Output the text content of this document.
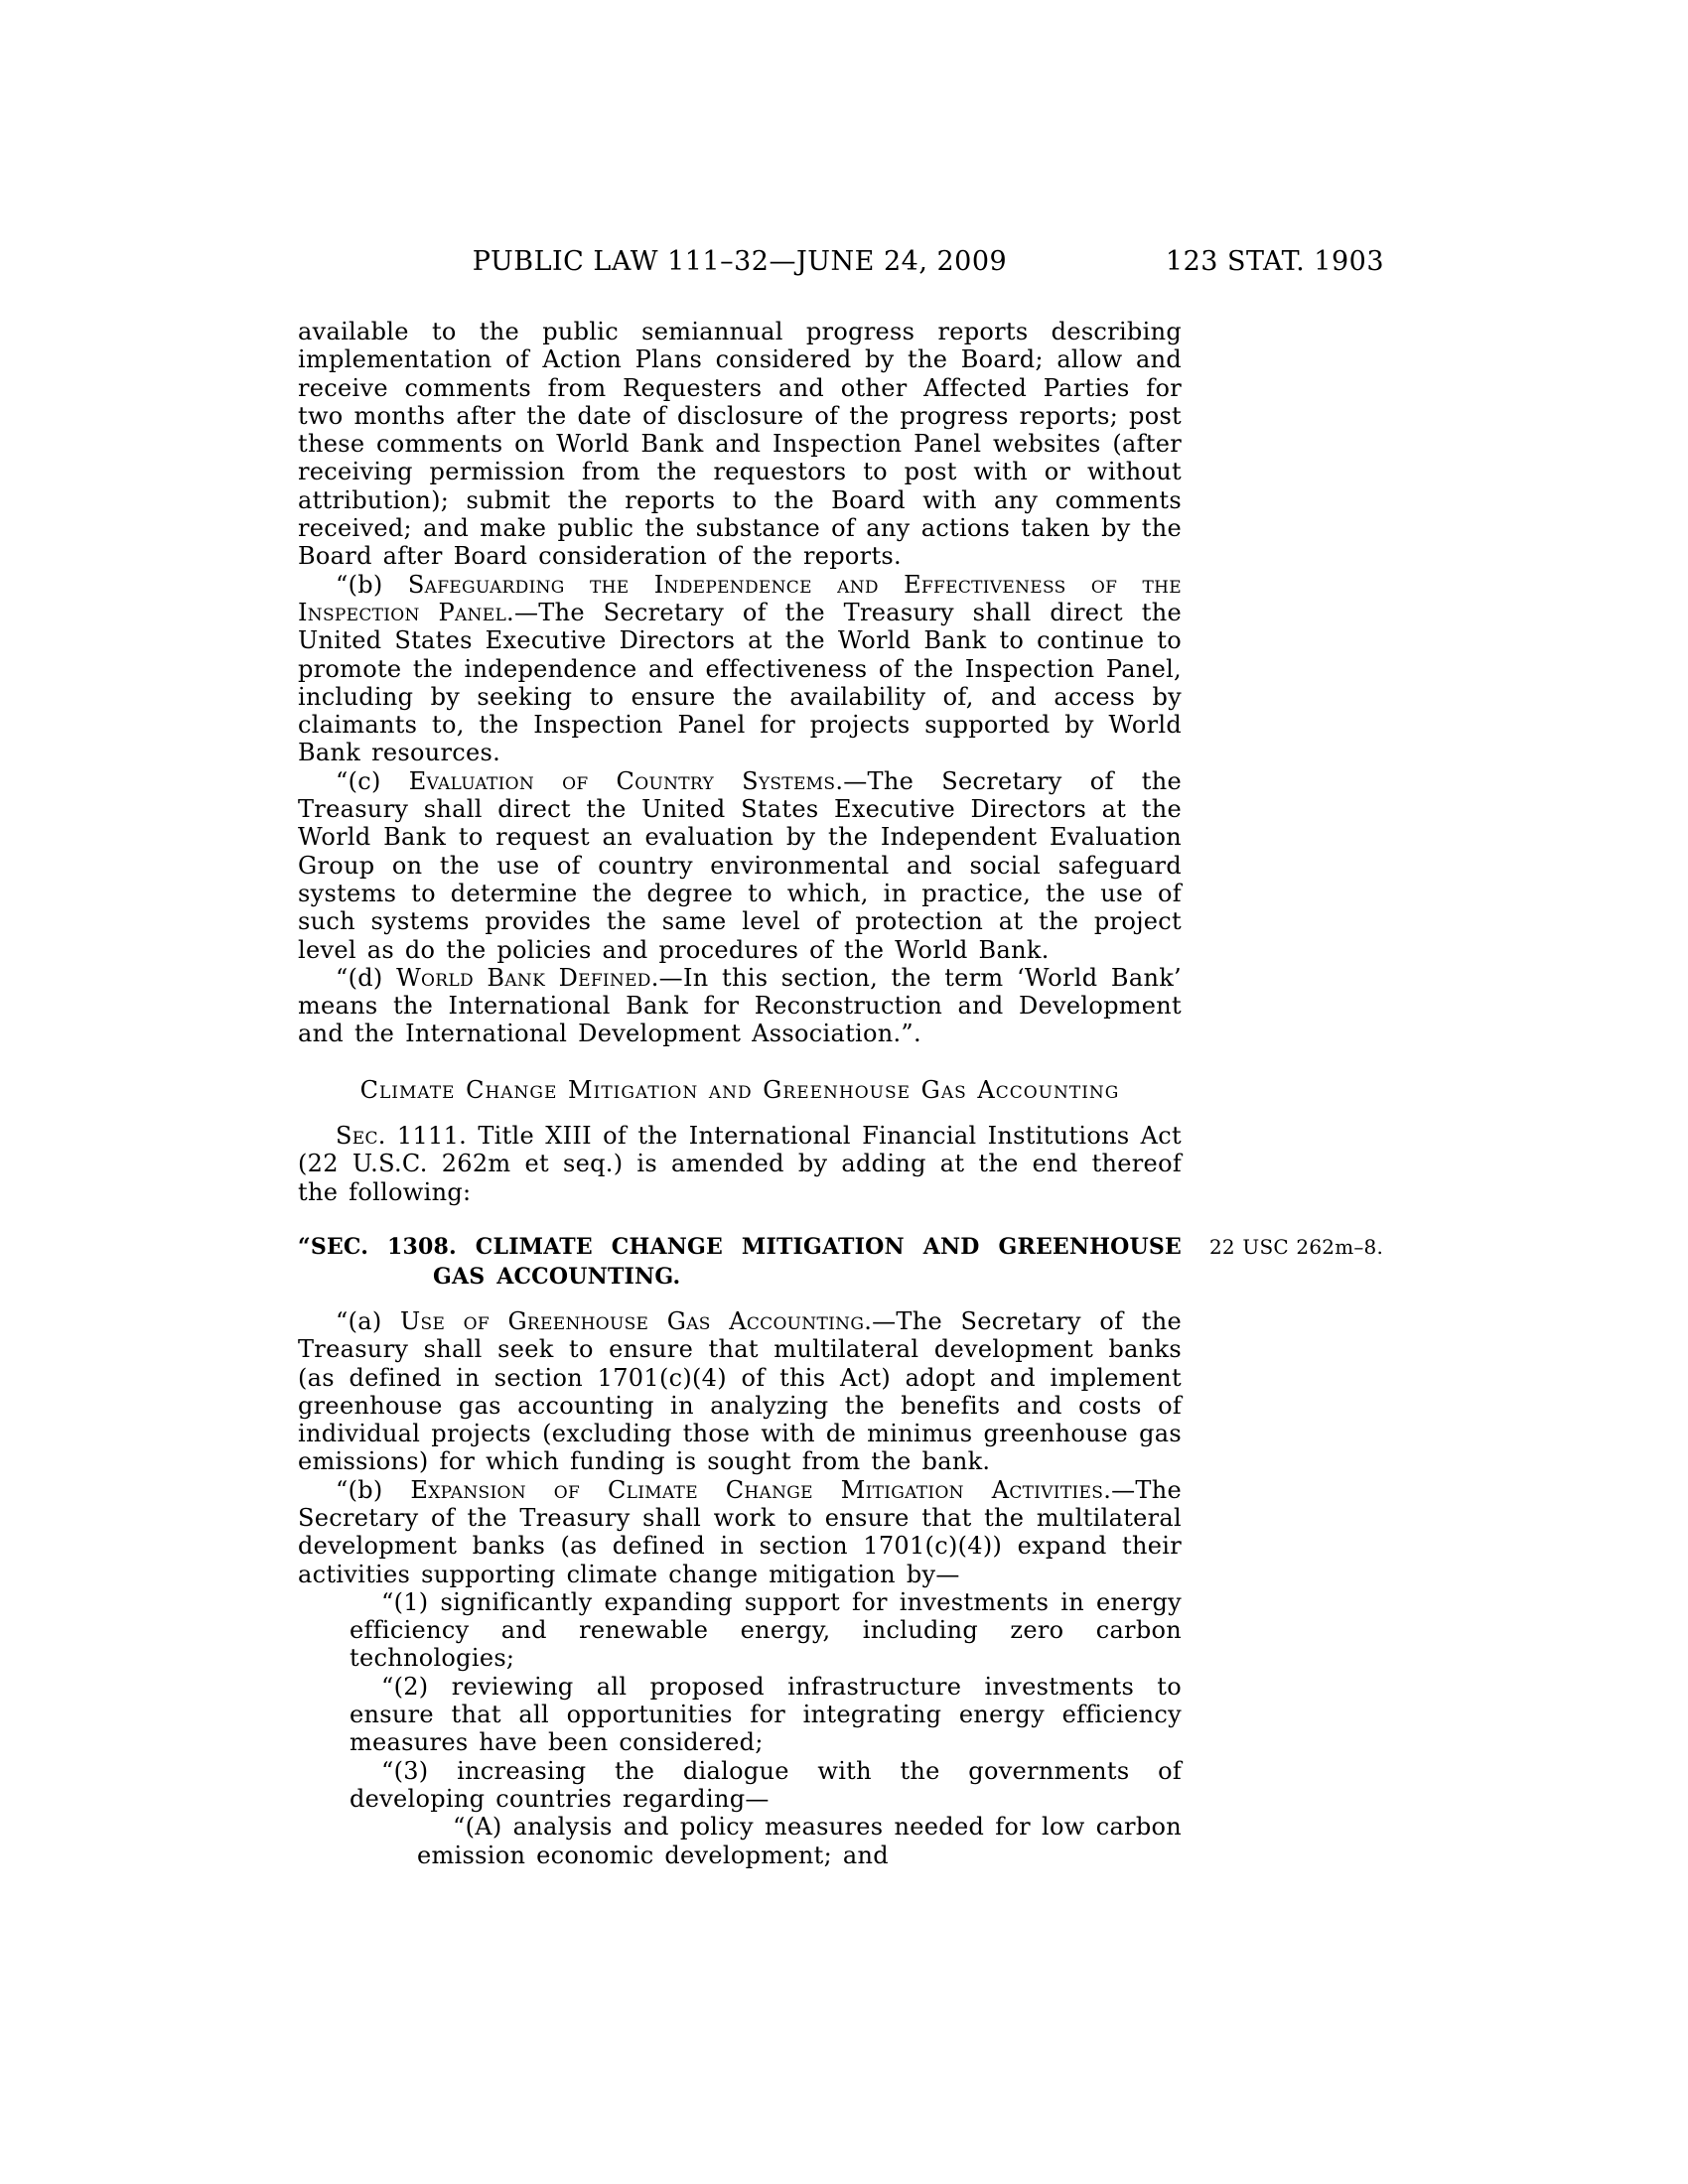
PUBLIC LAW 111–32—JUNE 24, 2009	123 STAT. 1903

available to the public semiannual progress reports describing implementation of Action Plans considered by the Board; allow and receive comments from Requesters and other Affected Parties for two months after the date of disclosure of the progress reports; post these comments on World Bank and Inspection Panel websites (after receiving permission from the requestors to post with or without attribution); submit the reports to the Board with any comments received; and make public the substance of any actions taken by the Board after Board consideration of the reports.

“(b) Safeguarding the Independence and Effectiveness of the Inspection Panel.—The Secretary of the Treasury shall direct the United States Executive Directors at the World Bank to continue to promote the independence and effectiveness of the Inspection Panel, including by seeking to ensure the availability of, and access by claimants to, the Inspection Panel for projects supported by World Bank resources.

“(c) Evaluation of Country Systems.—The Secretary of the Treasury shall direct the United States Executive Directors at the World Bank to request an evaluation by the Independent Evaluation Group on the use of country environmental and social safeguard systems to determine the degree to which, in practice, the use of such systems provides the same level of protection at the project level as do the policies and procedures of the World Bank.

“(d) World Bank Defined.—In this section, the term ‘World Bank’ means the International Bank for Reconstruction and Development and the International Development Association.”.

Climate Change Mitigation and Greenhouse Gas Accounting

Sec. 1111. Title XIII of the International Financial Institutions Act (22 U.S.C. 262m et seq.) is amended by adding at the end thereof the following:

“SEC. 1308. CLIMATE CHANGE MITIGATION AND GREENHOUSE GAS ACCOUNTING.
22 USC 262m–8.

“(a) Use of Greenhouse Gas Accounting.—The Secretary of the Treasury shall seek to ensure that multilateral development banks (as defined in section 1701(c)(4) of this Act) adopt and implement greenhouse gas accounting in analyzing the benefits and costs of individual projects (excluding those with de minimus greenhouse gas emissions) for which funding is sought from the bank.

“(b) Expansion of Climate Change Mitigation Activities.—The Secretary of the Treasury shall work to ensure that the multilateral development banks (as defined in section 1701(c)(4)) expand their activities supporting climate change mitigation by—

“(1) significantly expanding support for investments in energy efficiency and renewable energy, including zero carbon technologies;

“(2) reviewing all proposed infrastructure investments to ensure that all opportunities for integrating energy efficiency measures have been considered;

“(3) increasing the dialogue with the governments of developing countries regarding—

“(A) analysis and policy measures needed for low carbon emission economic development; and
